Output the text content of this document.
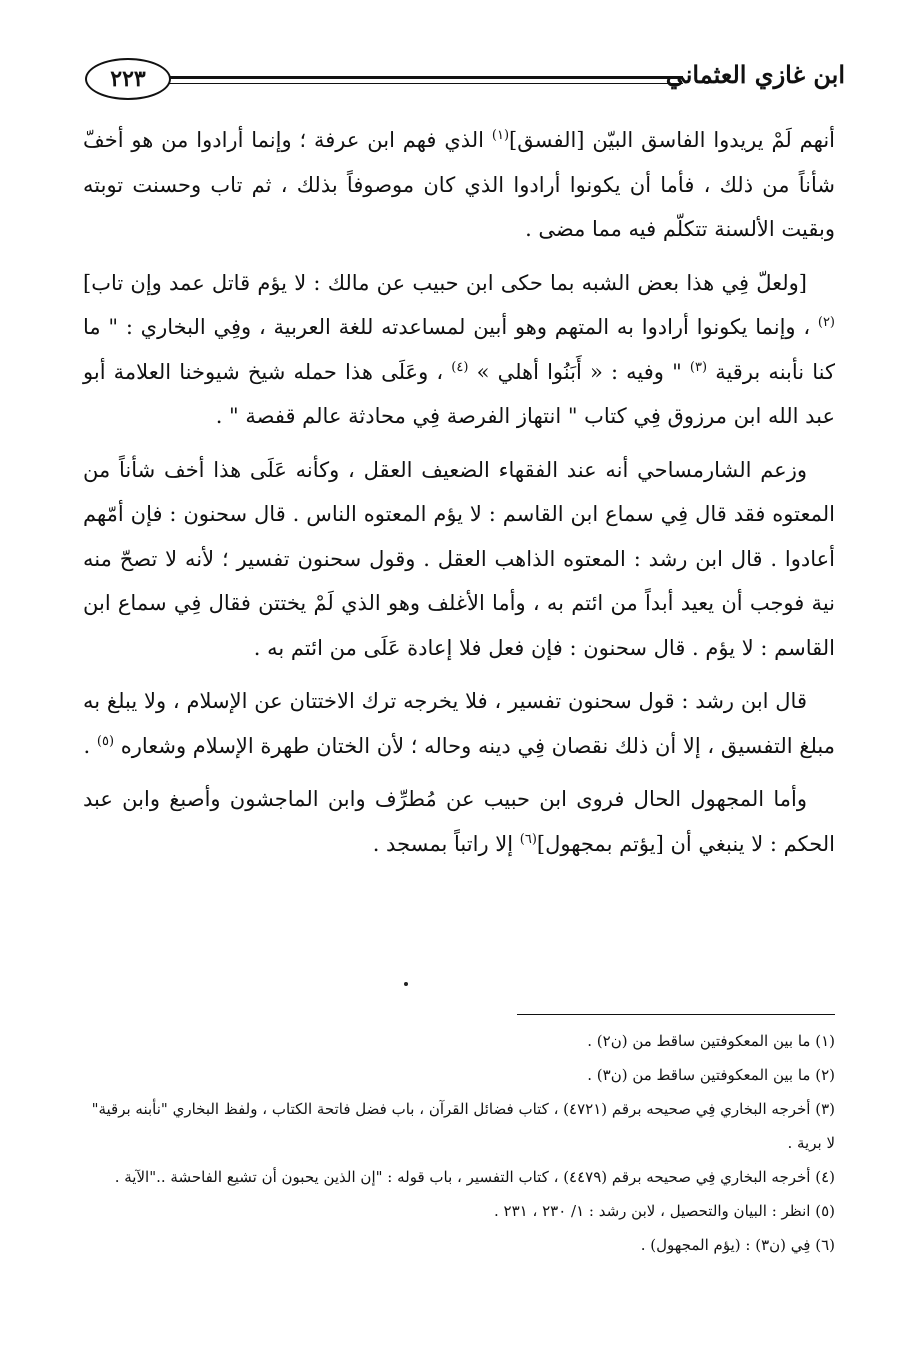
٢٢٣	ابن غازي العثماني

أنهم لَمْ يريدوا الفاسق البيّن [الفسق]$^{(١)}$ الذي فهم ابن عرفة ؛ وإنما أرادوا من هو أخفّ شأناً من ذلك ، فأما أن يكونوا أرادوا الذي كان موصوفاً بذلك ، ثم تاب وحسنت توبته وبقيت الألسنة تتكلّم فيه مما مضى .

[ولعلّ فِي هذا بعض الشبه بما حكى ابن حبيب عن مالك : لا يؤم قاتل عمد وإن تاب]$^{(٢)}$ ، وإنما يكونوا أرادوا به المتهم وهو أبين لمساعدته للغة العربية ، وفِي البخاري : " ما كنا نأبنه برقية $^{(٣)}$ " وفيه : « أَبَنُوا أهلي » $^{(٤)}$ ، وعَلَى هذا حمله شيخ شيوخنا العلامة أبو عبد الله ابن مرزوق فِي كتاب " انتهاز الفرصة فِي محادثة عالم قفصة " .

وزعم الشارمساحي أنه عند الفقهاء الضعيف العقل ، وكأنه عَلَى هذا أخف شأناً من المعتوه فقد قال فِي سماع ابن القاسم : لا يؤم المعتوه الناس . قال سحنون : فإن أمّهم أعادوا . قال ابن رشد : المعتوه الذاهب العقل . وقول سحنون تفسير ؛ لأنه لا تصحّ منه نية فوجب أن يعيد أبداً من ائتم به ، وأما الأغلف وهو الذي لَمْ يختتن فقال فِي سماع ابن القاسم : لا يؤم . قال سحنون : فإن فعل فلا إعادة عَلَى من ائتم به .

قال ابن رشد : قول سحنون تفسير ، فلا يخرجه ترك الاختتان عن الإسلام ، ولا يبلغ به مبلغ التفسيق ، إلا أن ذلك نقصان فِي دينه وحاله ؛ لأن الختان طهرة الإسلام وشعاره $^{(٥)}$ .

وأما المجهول الحال فروى ابن حبيب عن مُطرِّف وابن الماجشون وأصبغ وابن عبد الحكم : لا ينبغي أن [يؤتم بمجهول]$^{(٦)}$ إلا راتباً بمسجد .

(١) ما بين المعكوفتين ساقط من (ن٢) .

(٢) ما بين المعكوفتين ساقط من (ن٣) .

(٣) أخرجه البخاري فِي صحيحه برقم (٤٧٢١) ، كتاب فضائل القرآن ، باب فضل فاتحة الكتاب ، ولفظ البخاري "نأبنه برقية" لا برية .

(٤) أخرجه البخاري فِي صحيحه برقم (٤٤٧٩) ، كتاب التفسير ، باب قوله : "إن الذين يحبون أن تشيع الفاحشة .."الآية .

(٥) انظر : البيان والتحصيل ، لابن رشد : ١/ ٢٣٠ ، ٢٣١ .

(٦) فِي (ن٣) : (يؤم المجهول) .
